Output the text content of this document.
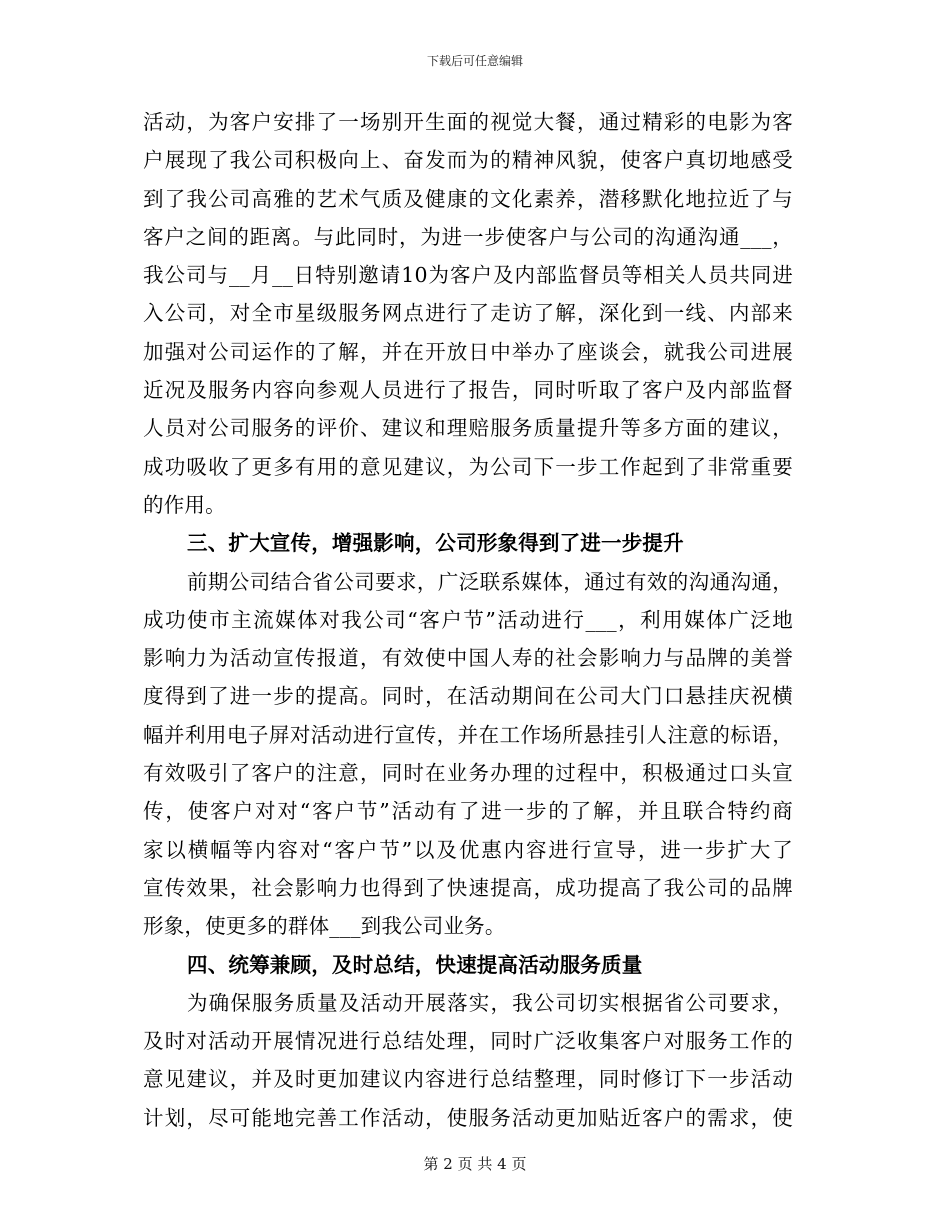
下载后可任意编辑
活动，为客户安排了一场别开生面的视觉大餐，通过精彩的电影为客
户展现了我公司积极向上、奋发而为的精神风貌，使客户真切地感受
到了我公司高雅的艺术气质及健康的文化素养，潜移默化地拉近了与
客户之间的距离。与此同时，为进一步使客户与公司的沟通沟通___，
我公司与__月__日特别邀请10为客户及内部监督员等相关人员共同进
入公司，对全市星级服务网点进行了走访了解，深化到一线、内部来
加强对公司运作的了解，并在开放日中举办了座谈会，就我公司进展
近况及服务内容向参观人员进行了报告，同时听取了客户及内部监督
人员对公司服务的评价、建议和理赔服务质量提升等多方面的建议，
成功吸收了更多有用的意见建议，为公司下一步工作起到了非常重要
的作用。
三、扩大宣传，增强影响，公司形象得到了进一步提升
前期公司结合省公司要求，广泛联系媒体，通过有效的沟通沟通，
成功使市主流媒体对我公司“客户节”活动进行___，利用媒体广泛地
影响力为活动宣传报道，有效使中国人寿的社会影响力与品牌的美誉
度得到了进一步的提高。同时，在活动期间在公司大门口悬挂庆祝横
幅并利用电子屏对活动进行宣传，并在工作场所悬挂引人注意的标语，
有效吸引了客户的注意，同时在业务办理的过程中，积极通过口头宣
传，使客户对对“客户节”活动有了进一步的了解，并且联合特约商
家以横幅等内容对“客户节”以及优惠内容进行宣导，进一步扩大了
宣传效果，社会影响力也得到了快速提高，成功提高了我公司的品牌
形象，使更多的群体___到我公司业务。
四、统筹兼顾，及时总结，快速提高活动服务质量
为确保服务质量及活动开展落实，我公司切实根据省公司要求，
及时对活动开展情况进行总结处理，同时广泛收集客户对服务工作的
意见建议，并及时更加建议内容进行总结整理，同时修订下一步活动
计划，尽可能地完善工作活动，使服务活动更加贴近客户的需求，使
第 2 页 共 4 页
